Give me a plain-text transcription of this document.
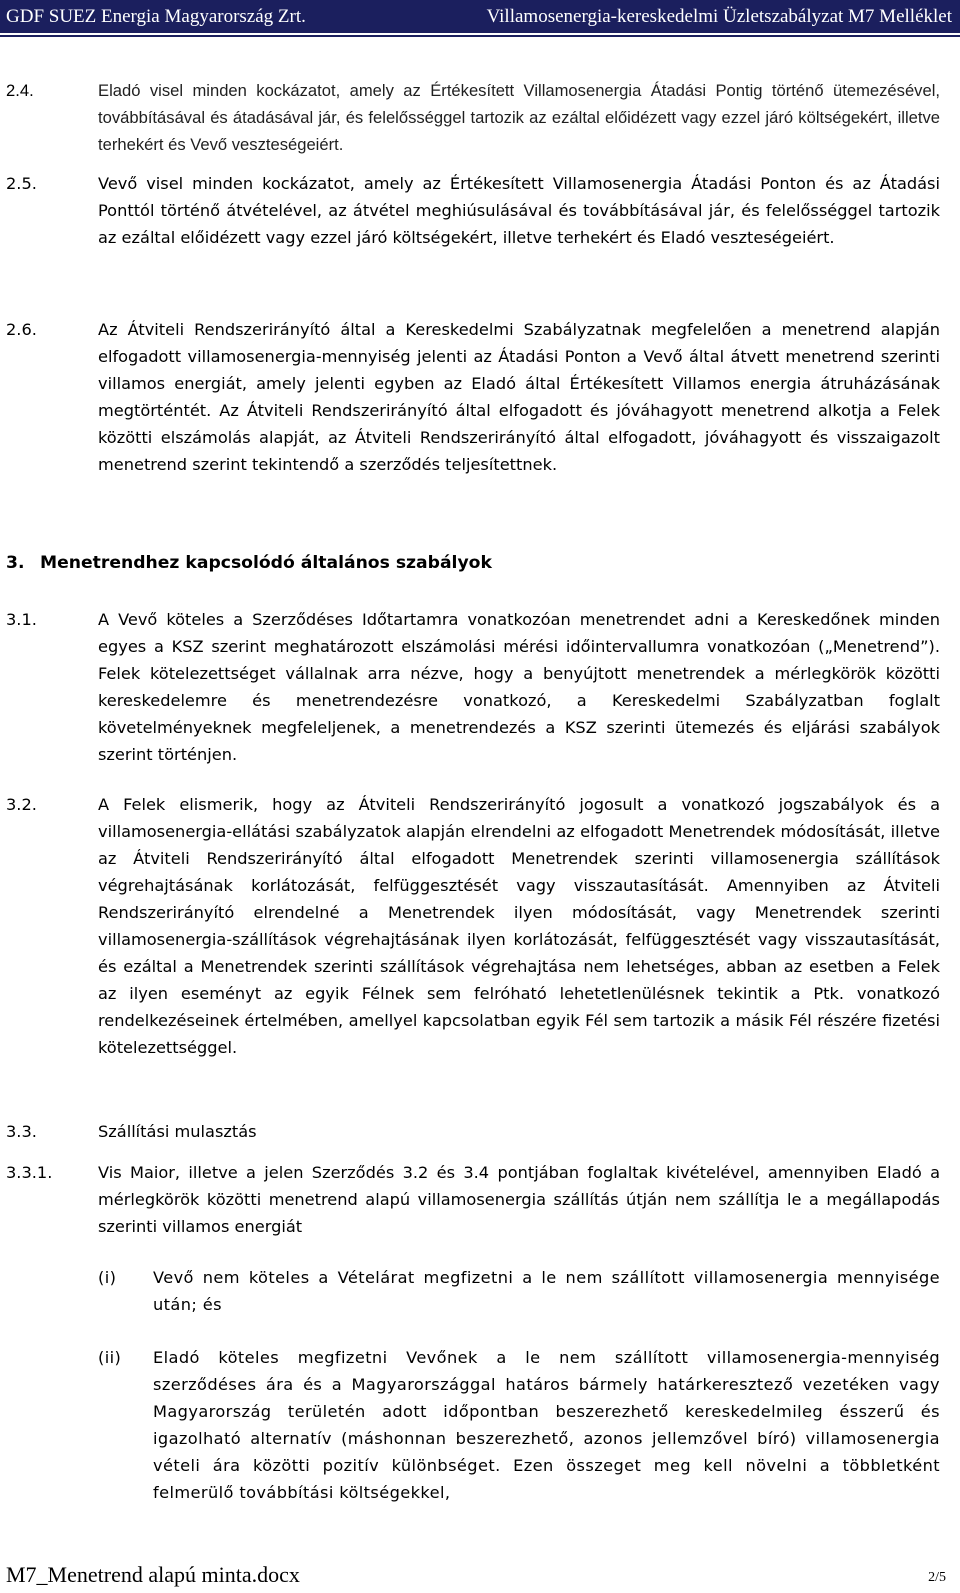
GDF SUEZ Energia Magyarország Zrt.	Villamosenergia-kereskedelmi Üzletszabályzat M7 Melléklet
2.4.	Eladó visel minden kockázatot, amely az Értékesített Villamosenergia Átadási Pontig történő ütemezésével, továbbításával és átadásával jár, és felelősséggel tartozik az ezáltal előidézett vagy ezzel járó költségekért, illetve terhekért és Vevő veszteségeiért.
2.5.	Vevő visel minden kockázatot, amely az Értékesített Villamosenergia Átadási Ponton és az Átadási Ponttól történő átvételével, az átvétel meghiúsulásával és továbbításával jár, és felelősséggel tartozik az ezáltal előidézett vagy ezzel járó költségekért, illetve terhekért és Eladó veszteségeiért.
2.6.	Az Átviteli Rendszerirányító által a Kereskedelmi Szabályzatnak megfelelően a menetrend alapján elfogadott villamosenergia-mennyiség jelenti az Átadási Ponton a Vevő által átvett menetrend szerinti villamos energiát, amely jelenti egyben az Eladó által Értékesített Villamos energia átruházásának megtörténtét. Az Átviteli Rendszerirányító által elfogadott és jóváhagyott menetrend alkotja a Felek közötti elszámolás alapját, az Átviteli Rendszerirányító által elfogadott, jóváhagyott és visszaigazolt menetrend szerint tekintendő a szerződés teljesítettnek.
3. Menetrendhez kapcsolódó általános szabályok
3.1.	A Vevő köteles a Szerződéses Időtartamra vonatkozóan menetrendet adni a Kereskedőnek minden egyes a KSZ szerint meghatározott elszámolási mérési időintervallumra vonatkozóan („Menetrend”). Felek kötelezettséget vállalnak arra nézve, hogy a benyújtott menetrendek a mérlegkörök közötti kereskedelemre és menetrendezésre vonatkozó, a Kereskedelmi Szabályzatban foglalt követelményeknek megfeleljenek, a menetrendezés a KSZ szerinti ütemezés és eljárási szabályok szerint történjen.
3.2.	A Felek elismerik, hogy az Átviteli Rendszerirányító jogosult a vonatkozó jogszabályok és a villamosenergia-ellátási szabályzatok alapján elrendelni az elfogadott Menetrendek módosítását, illetve az Átviteli Rendszerirányító által elfogadott Menetrendek szerinti villamosenergia szállítások végrehajtásának korlátozását, felfüggesztését vagy visszautasítását. Amennyiben az Átviteli Rendszerirányító elrendelné a Menetrendek ilyen módosítását, vagy Menetrendek szerinti villamosenergia-szállítások végrehajtásának ilyen korlátozását, felfüggesztését vagy visszautasítását, és ezáltal a Menetrendek szerinti szállítások végrehajtása nem lehetséges, abban az esetben a Felek az ilyen eseményt az egyik Félnek sem felróható lehetetlenülésnek tekintik a Ptk. vonatkozó rendelkezéseinek értelmében, amellyel kapcsolatban egyik Fél sem tartozik a másik Fél részére fizetési kötelezettséggel.
3.3.	Szállítási mulasztás
3.3.1.	Vis Maior, illetve a jelen Szerződés 3.2 és 3.4 pontjában foglaltak kivételével, amennyiben Eladó a mérlegkörök közötti menetrend alapú villamosenergia szállítás útján nem szállítja le a megállapodás szerinti villamos energiát
(i) Vevő nem köteles a Vételárat megfizetni a le nem szállított villamosenergia mennyisége után; és
(ii) Eladó köteles megfizetni Vevőnek a le nem szállított villamosenergia-mennyiség szerződéses ára és a Magyarországgal határos bármely határkeresztező vezetéken vagy Magyarország területén adott időpontban beszerezhető kereskedelmileg ésszerű és igazolható alternatív (máshonnan beszerezhető, azonos jellemzővel bíró) villamosenergia vételi ára közötti pozitív különbséget. Ezen összeget meg kell növelni a többletként felmerülő továbbítási költségekkel,
M7_Menetrend alapú minta.docx	2/5
